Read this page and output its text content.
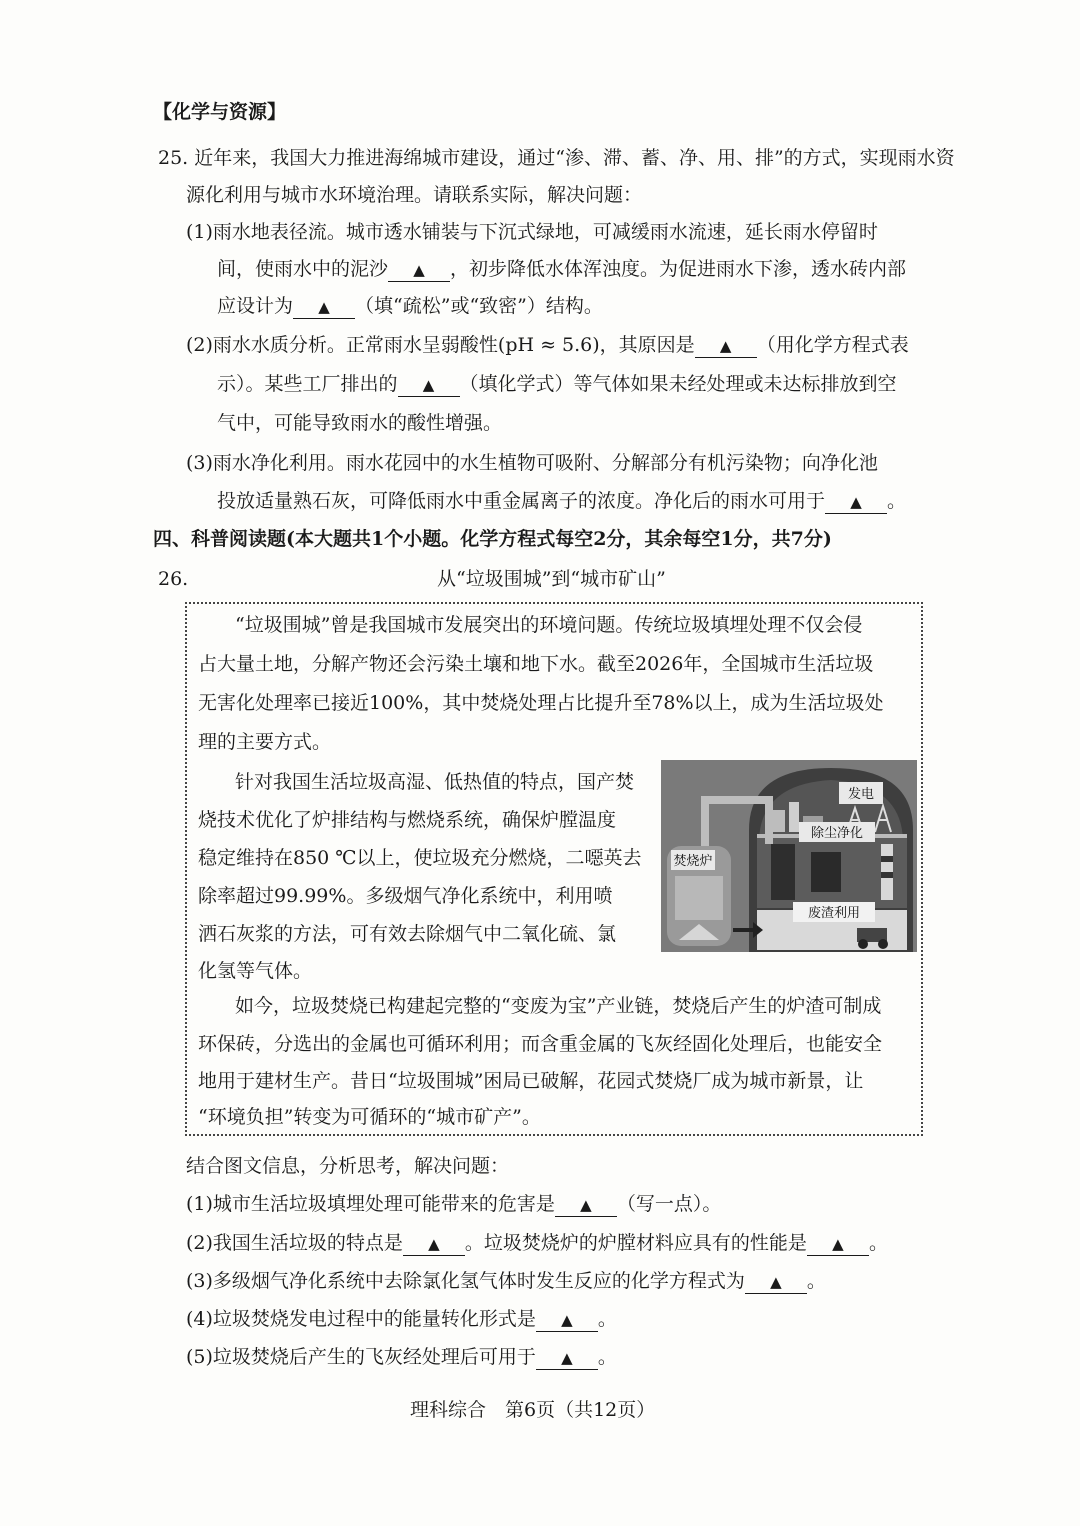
【化学与资源】
25. 近年来，我国大力推进海绵城市建设，通过“渗、滞、蓄、净、用、排”的方式，实现雨水资
源化利用与城市水环境治理。请联系实际，解决问题：
(1)雨水地表径流。城市透水铺装与下沉式绿地，可减缓雨水流速，延长雨水停留时
间，使雨水中的泥沙 ▲ ，初步降低水体浑浊度。为促进雨水下渗，透水砖内部
应设计为 ▲ （填“疏松”或“致密”）结构。
(2)雨水水质分析。正常雨水呈弱酸性(pH ≈ 5.6)，其原因是 ▲ （用化学方程式表
示）。某些工厂排出的 ▲ （填化学式）等气体如果未经处理或未达标排放到空
气中，可能导致雨水的酸性增强。
(3)雨水净化利用。雨水花园中的水生植物可吸附、分解部分有机污染物；向净化池
投放适量熟石灰，可降低雨水中重金属离子的浓度。净化后的雨水可用于 ▲ 。
四、科普阅读题(本大题共1个小题。化学方程式每空2分，其余每空1分，共7分)
26.	从“垃圾围城”到“城市矿山”
“垃圾围城”曾是我国城市发展突出的环境问题。传统垃圾填埋处理不仅会侵
占大量土地，分解产物还会污染土壤和地下水。截至2026年，全国城市生活垃圾
无害化处理率已接近100%，其中焚烧处理占比提升至78%以上，成为生活垃圾处
理的主要方式。
针对我国生活垃圾高湿、低热值的特点，国产焚
烧技术优化了炉排结构与燃烧系统，确保炉膛温度
稳定维持在850 ℃以上，使垃圾充分燃烧，二噁英去
除率超过99.99%。多级烟气净化系统中，利用喷
洒石灰浆的方法，可有效去除烟气中二氧化硫、氯
化氢等气体。
发电
除尘净化
焚烧炉
废渣利用
如今，垃圾焚烧已构建起完整的“变废为宝”产业链，焚烧后产生的炉渣可制成
环保砖，分选出的金属也可循环利用；而含重金属的飞灰经固化处理后，也能安全
地用于建材生产。昔日“垃圾围城”困局已破解，花园式焚烧厂成为城市新景，让
“环境负担”转变为可循环的“城市矿产”。
结合图文信息，分析思考，解决问题：
(1)城市生活垃圾填埋处理可能带来的危害是 ▲ （写一点）。
(2)我国生活垃圾的特点是 ▲ 。垃圾焚烧炉的炉膛材料应具有的性能是 ▲ 。
(3)多级烟气净化系统中去除氯化氢气体时发生反应的化学方程式为 ▲ 。
(4)垃圾焚烧发电过程中的能量转化形式是 ▲ 。
(5)垃圾焚烧后产生的飞灰经处理后可用于 ▲ 。
理科综合　第6页（共12页）
